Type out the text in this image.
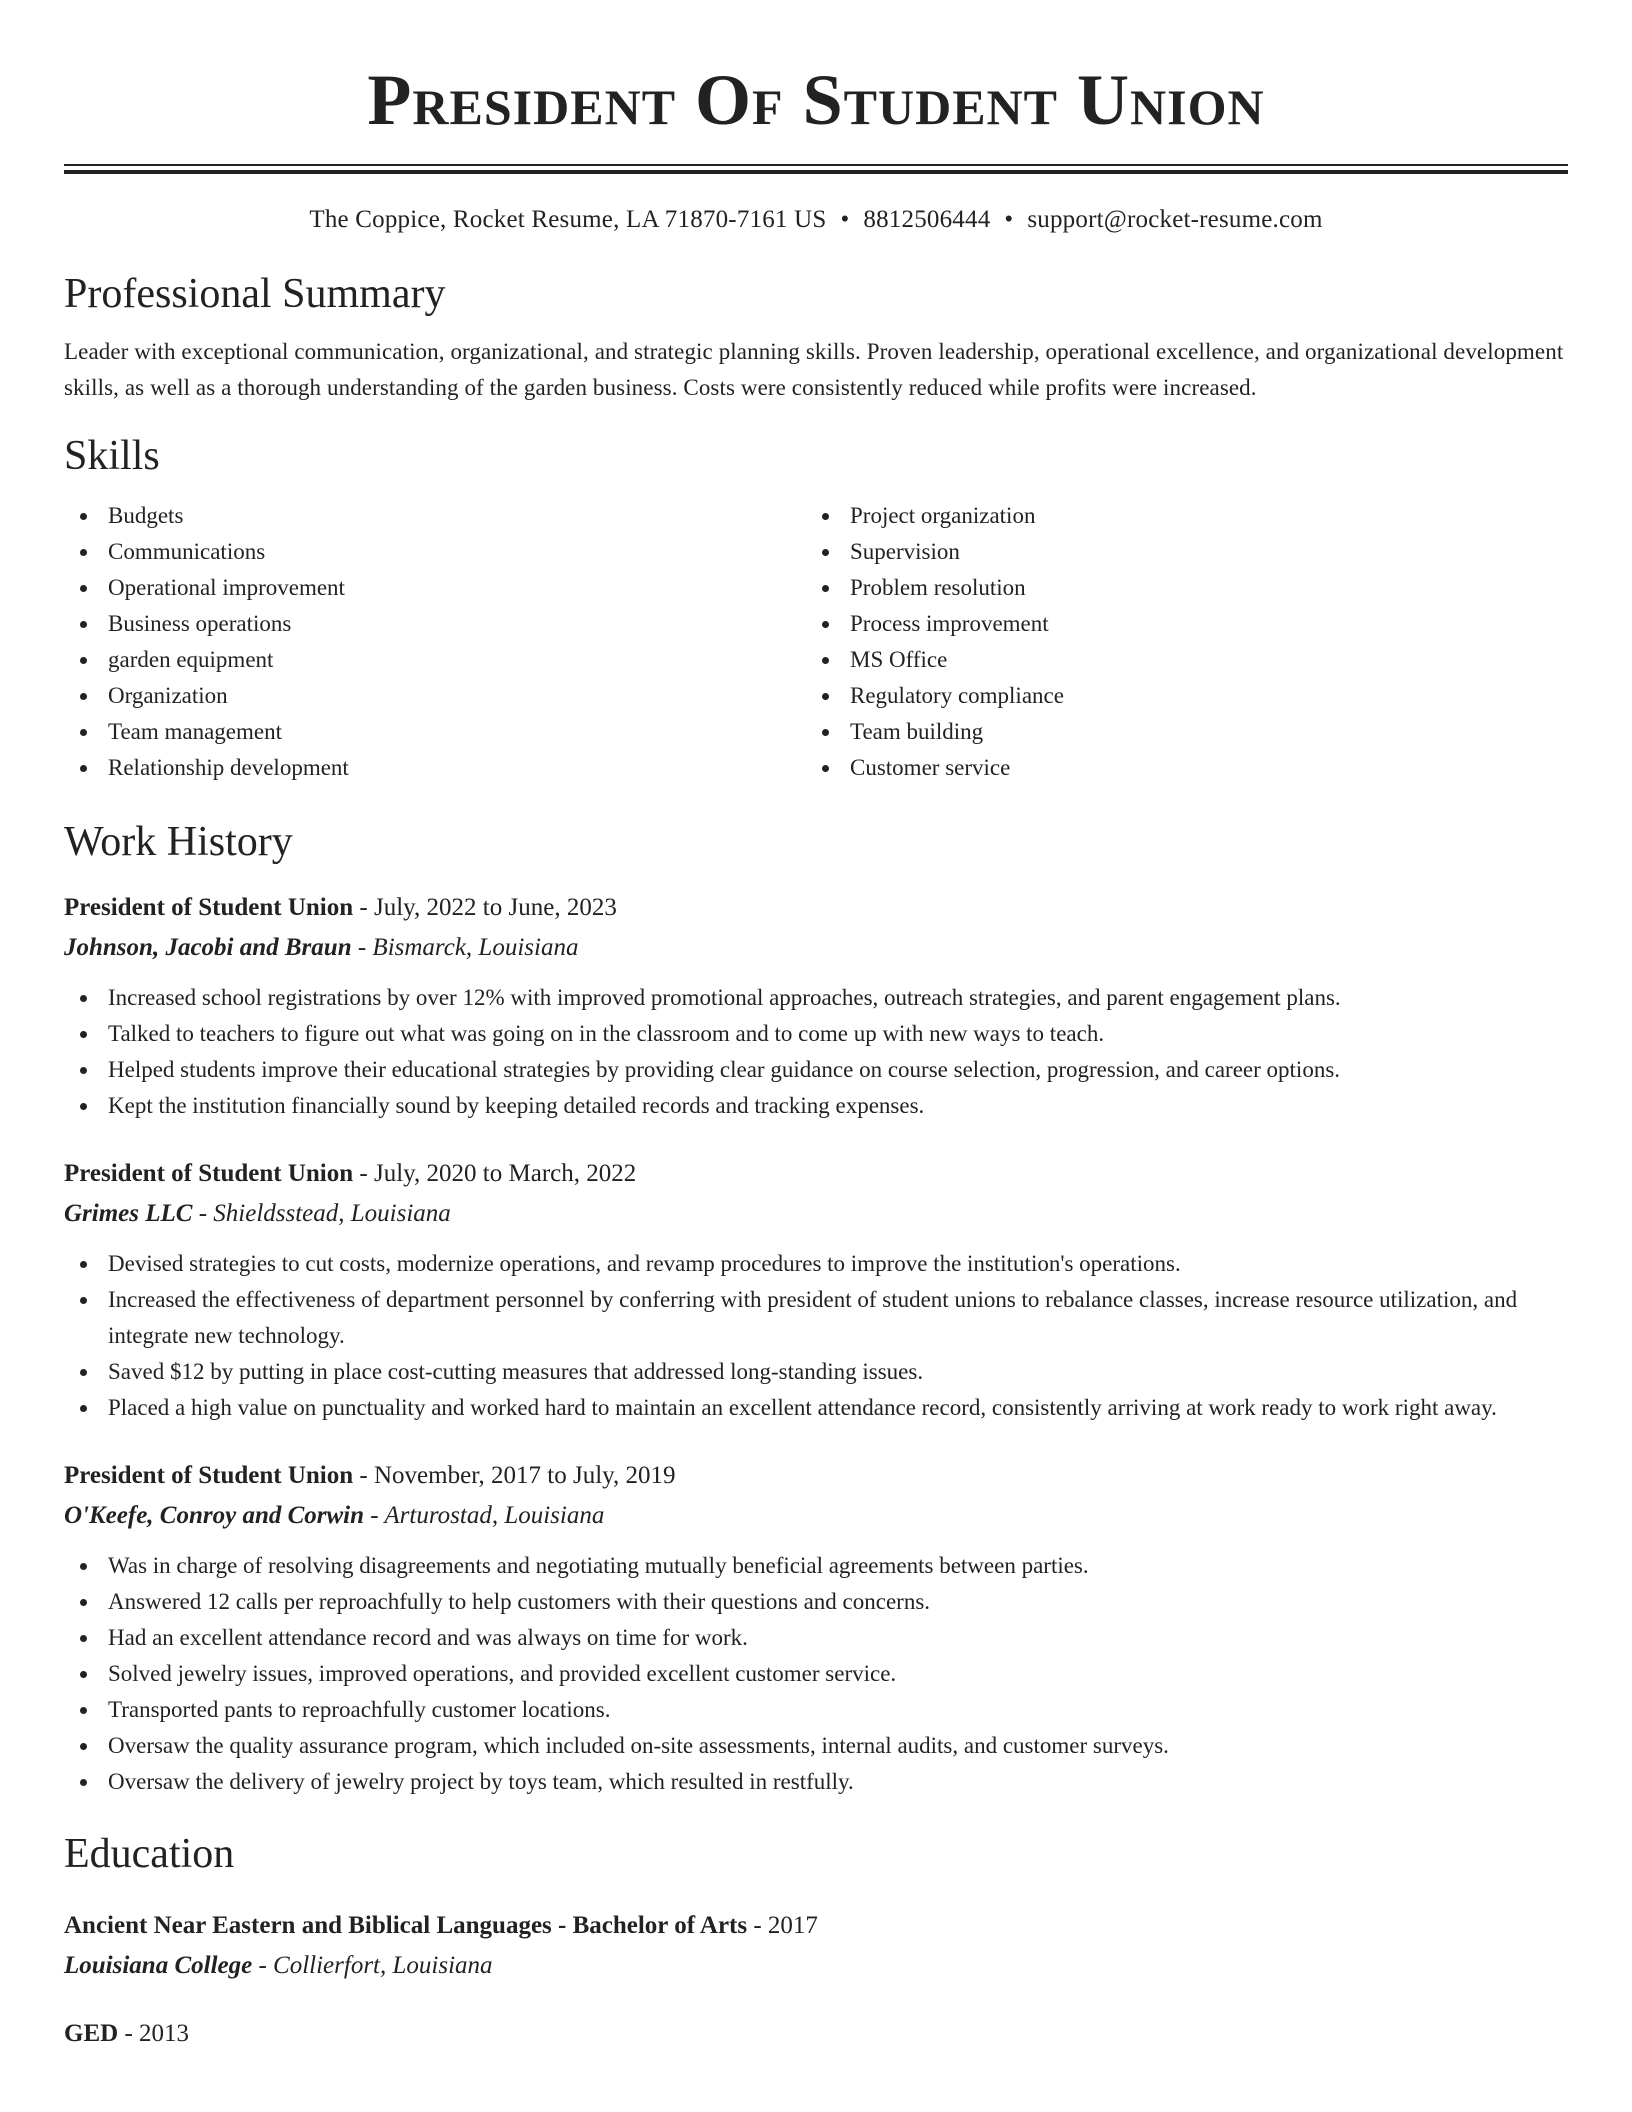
President Of Student Union
The Coppice, Rocket Resume, LA 71870-7161 US • 8812506444 • support@rocket-resume.com
Professional Summary

Leader with exceptional communication, organizational, and strategic planning skills. Proven leadership, operational excellence, and organizational development skills, as well as a thorough understanding of the garden business. Costs were consistently reduced while profits were increased.

Skills
Budgets
Communications
Operational improvement
Business operations
garden equipment
Organization
Team management
Relationship development
Project organization
Supervision
Problem resolution
Process improvement
MS Office
Regulatory compliance
Team building
Customer service
Work History
President of Student Union - July, 2022 to June, 2023
Johnson, Jacobi and Braun - Bismarck, Louisiana
Increased school registrations by over 12% with improved promotional approaches, outreach strategies, and parent engagement plans.
Talked to teachers to figure out what was going on in the classroom and to come up with new ways to teach.
Helped students improve their educational strategies by providing clear guidance on course selection, progression, and career options.
Kept the institution financially sound by keeping detailed records and tracking expenses.
President of Student Union - July, 2020 to March, 2022
Grimes LLC - Shieldsstead, Louisiana
Devised strategies to cut costs, modernize operations, and revamp procedures to improve the institution's operations.
Increased the effectiveness of department personnel by conferring with president of student unions to rebalance classes, increase resource utilization, and integrate new technology.
Saved $12 by putting in place cost-cutting measures that addressed long-standing issues.
Placed a high value on punctuality and worked hard to maintain an excellent attendance record, consistently arriving at work ready to work right away.
President of Student Union - November, 2017 to July, 2019
O'Keefe, Conroy and Corwin - Arturostad, Louisiana
Was in charge of resolving disagreements and negotiating mutually beneficial agreements between parties.
Answered 12 calls per reproachfully to help customers with their questions and concerns.
Had an excellent attendance record and was always on time for work.
Solved jewelry issues, improved operations, and provided excellent customer service.
Transported pants to reproachfully customer locations.
Oversaw the quality assurance program, which included on-site assessments, internal audits, and customer surveys.
Oversaw the delivery of jewelry project by toys team, which resulted in restfully.
Education
Ancient Near Eastern and Biblical Languages - Bachelor of Arts - 2017
Louisiana College - Collierfort, Louisiana
GED - 2013
